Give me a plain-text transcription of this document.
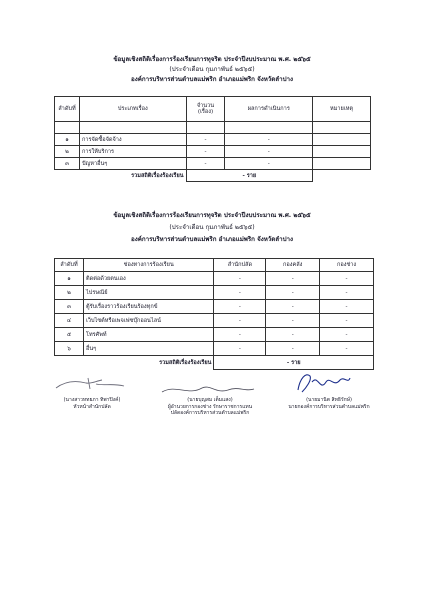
ข้อมูลเชิงสถิติเรื่องการร้องเรียนการทุจริต ประจำปีงบประมาณ พ.ศ. ๒๕๖๕
(ประจำเดือน กุมภาพันธ์ ๒๕๖๕)
องค์การบริหารส่วนตำบลแม่พริก อำเภอแม่พริก จังหวัดลำปาง
ลำดับที่	ประเภทเรื่อง	จำนวน (เรื่อง)	ผลการดำเนินการ	หมายเหตุ

๑	การจัดซื้อจัดจ้าง	-	-	
๒	การให้บริการ	-	-	
๓	ปัญหาอื่นๆ	-	-	
รวมสถิติเรื่องร้องเรียน		- ราย		
ข้อมูลเชิงสถิติเรื่องการร้องเรียนการทุจริต ประจำปีงบประมาณ พ.ศ. ๒๕๖๕
(ประจำเดือน กุมภาพันธ์ ๒๕๖๕)
องค์การบริหารส่วนตำบลแม่พริก อำเภอแม่พริก จังหวัดลำปาง
ลำดับที่	ช่องทางการร้องเรียน	สำนักปลัด	กองคลัง	กองช่าง
๑	ติดต่อด้วยตนเอง	-	-	-
๒	ไปรษณีย์	-	-	-
๓	ตู้รับเรื่องราวร้องเรียนร้องทุกข์	-	-	-
๔	เว็บไซต์หรือเพจเฟซบุ๊กออนไลน์	-	-	-
๕	โทรศัพท์	-	-	-
๖	อื่นๆ	-	-	-
รวมสถิติเรื่องร้องเรียน		- ราย		
(นางสาวหทยภา ทิพาปิงค์)
หัวหน้าสำนักปลัด
(นายบุญสม เต็มแสง)
ผู้อำนวยการกองช่าง รักษาราชการแทน
ปลัดองค์การบริหารส่วนตำบลแม่พริก
(นายมานิต สิทธิรักษ์)
นายกองค์การบริหารส่วนตำบลแม่พริก
